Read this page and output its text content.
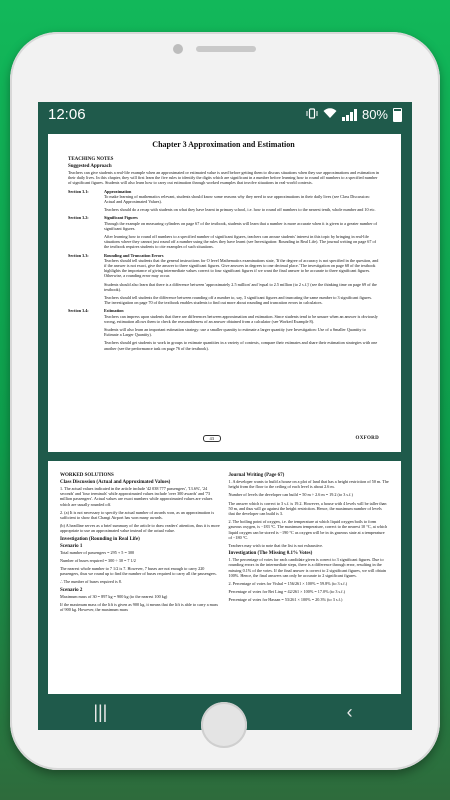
12:06	80%
Chapter 3 Approximation and Estimation
TEACHING NOTES
Suggested Approach
Teachers can give students a real-life example when an approximated or estimated value is used before getting them to discuss situations when they use approximations and estimation in their daily lives. In this chapter, they will first learn the five rules to identify the digits which are significant in a number before learning how to round off numbers to a specified number of significant figures. Students will also learn how to carry out estimation through worked examples that involve situations in real-world contexts.
Section 3.1:	Approximation
To make learning of mathematics relevant, students should know some reasons why they need to use approximations in their daily lives (see Class Discussion: Actual and Approximated Values).
Teachers should do a recap with students on what they have learnt in primary school, i.e. how to round off numbers to the nearest tenth, whole number and 10 etc.
Section 3.2:	Significant Figures
Through the example on measuring cylinders on page 67 of the textbook, students will learn that a number is more accurate when it is given to a greater number of significant figures.
After learning how to round off numbers to a specified number of significant figures, teachers can arouse students' interest in this topic by bringing in real-life situations where they cannot just round off a number using the rules they have learnt (see Investigation: Rounding in Real Life). The journal writing on page 67 of the textbook requires students to cite examples of such situations.
Section 3.3:	Rounding and Truncation Errors
Teachers should tell students that the general instructions for O level Mathematics examinations state, 'If the degree of accuracy is not specified in the question, and if the answer is not exact, give the answer to three significant figures. Give answers in degrees to one decimal place.' The investigation on page 68 of the textbook highlights the importance of giving intermediate values correct to four significant figures if we want the final answer to be accurate to three significant figures. Otherwise, a rounding error may occur.
Students should also learn that there is a difference between 'approximately 2.5 million' and 'equal to 2.5 million (to 2 s.f.)' (see the thinking time on page 69 of the textbook).
Teachers should tell students the difference between rounding off a number to, say, 3 significant figures and truncating the same number to 3 significant figures. The investigation on page 70 of the textbook enables students to find out more about rounding and truncation errors in calculators.
Section 3.4:	Estimation
Teachers can impress upon students that there are differences between approximation and estimation. Since students tend to be unsure when an answer is obviously wrong, estimation allows them to check the reasonableness of an answer obtained from a calculator (see Worked Example 8).
Students will also learn an important estimation strategy: use a smaller quantity to estimate a larger quantity (see Investigation: Use of a Smaller Quantity to Estimate a Larger Quantity).
Teachers should get students to work in groups to estimate quantities in a variety of contexts, compare their estimates and share their estimation strategies with one another (see the performance task on page 76 of the textbook).
43	OXFORD
WORKED SOLUTIONS
Class Discussion (Actual and Approximated Values)
1. The actual values indicated in the article include '42 038 777 passengers', '13.6%', '24 seconds' and 'four terminals' while approximated values include 'over 300 awards' and '73 million passengers'. Actual values are exact numbers while approximated values are values which are usually rounded off.
2. (a) It is not necessary to specify the actual number of awards won, as an approximation is sufficient to show that Changi Airport has won many awards.
(b) A headline serves as a brief summary of the article to draw readers' attention, thus it is more appropriate to use an approximated value instead of the actual value.
Investigation (Rounding in Real Life)
Scenario 1
Total number of passengers = 295 + 5 = 300
Number of buses required = 300 ÷ 30 = 7 1/2
The nearest whole number to 7 1/2 is 7. However, 7 buses are not enough to carry 220 passengers, thus we round up to find the number of buses required to carry all the passengers.
∴ The number of buses required is 8.
Scenario 2
Maximum mass of 30 = 897 kg = 900 kg (to the nearest 100 kg)
If the maximum mass of the lift is given as 900 kg, it means that the lift is able to carry a mass of 900 kg. However, the maximum mass
Journal Writing (Page 67)
1. A developer wants to build a house on a plot of land that has a height restriction of 50 m. The height from the floor to the ceiling of each level is about 2.6 m.
Number of levels the developer can build = 50 m ÷ 2.6 m = 19.2 (to 3 s.f.)
The answer which is correct to 3 s.f. is 19.2. However, a house with 4 levels will be taller than 50 m, and thus will go against the height restriction. Hence, the maximum number of levels that the developer can build is 3.
2. The boiling point of oxygen, i.e. the temperature at which liquid oxygen boils to form gaseous oxygen, is −183 °C. The maximum temperature, correct to the nearest 10 °C, at which liquid oxygen can be stored is −190 °C as oxygen will be in its gaseous state at a temperature of −180 °C.
Teachers may wish to note that the list is not exhaustive.
Investigation (The Missing 0.1% Votes)
1. The percentage of votes for each candidate given is correct to 3 significant figures. Due to rounding errors in the intermediate steps, there is a difference through error, resulting in the missing 0.1% of the votes. If the final answer is correct to 2 significant figures, we will obtain 100%. Hence, the final answers can only be accurate to 2 significant figures.
2. Percentage of votes for Vishal = 156/261 × 100% = 59.8% (to 3 s.f.)
Percentage of votes for Bei Ling = 42/261 × 100% = 17.0% (to 3 s.f.)
Percentage of votes for Hassan = 53/261 × 100% = 20.3% (to 3 s.f.)
|||	‹
